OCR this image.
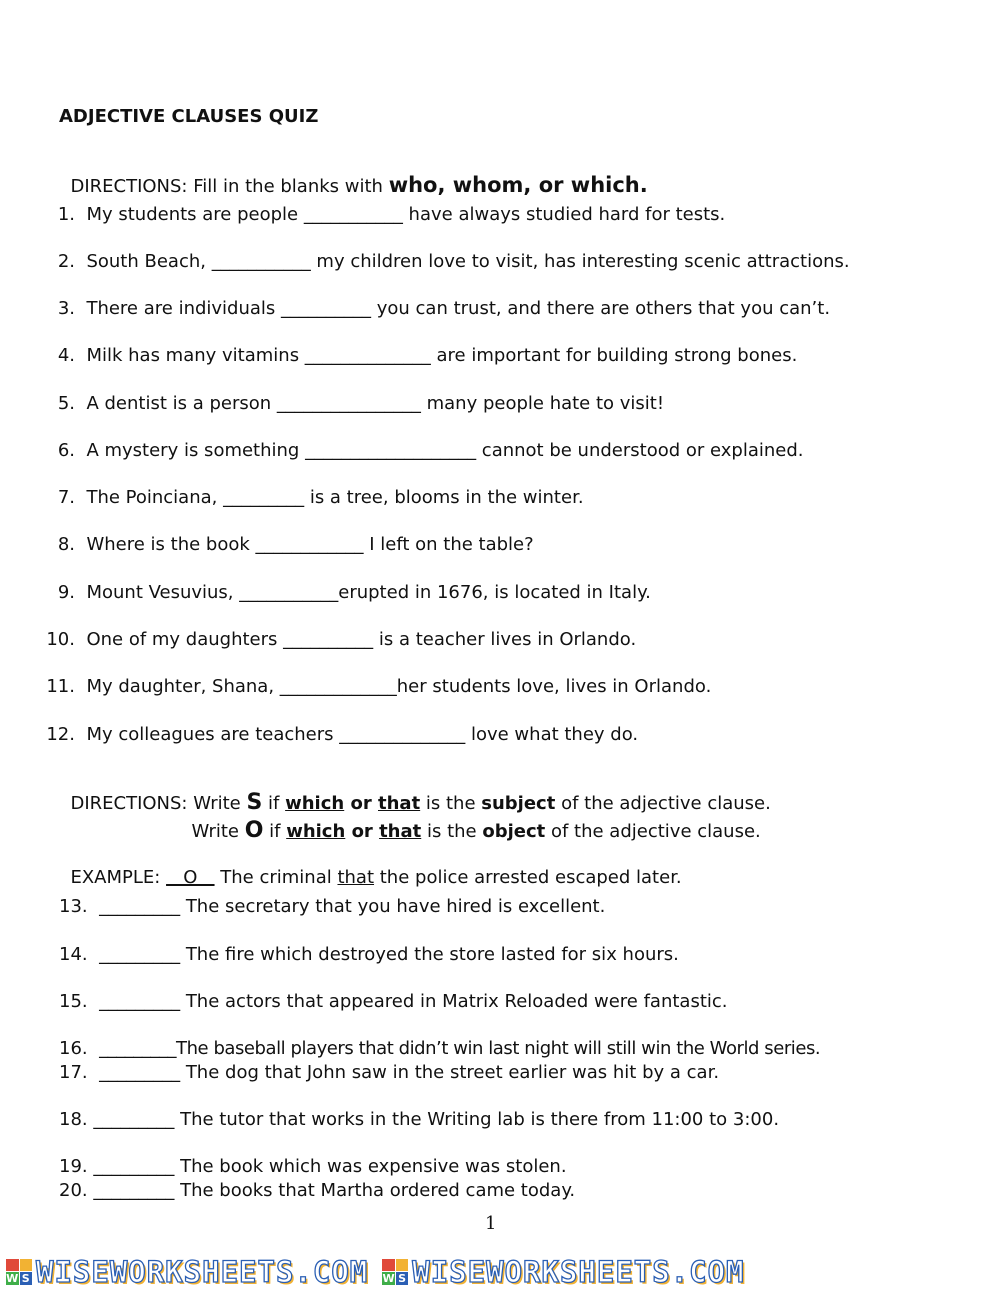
ADJECTIVE CLAUSES QUIZ

DIRECTIONS: Fill in the blanks with who, whom, or which.

1. My students are people ___________ have always studied hard for tests.
2. South Beach, ___________ my children love to visit, has interesting scenic attractions.
3. There are individuals __________ you can trust, and there are others that you can’t.
4. Milk has many vitamins ______________ are important for building strong bones.
5. A dentist is a person ________________ many people hate to visit!
6. A mystery is something ___________________ cannot be understood or explained.
7. The Poinciana, _________ is a tree, blooms in the winter.
8. Where is the book ____________ I left on the table?
9. Mount Vesuvius, ___________erupted in 1676, is located in Italy.
10. One of my daughters __________ is a teacher lives in Orlando.
11. My daughter, Shana, _____________her students love, lives in Orlando.
12. My colleagues are teachers ______________ love what they do.

DIRECTIONS: Write S if which or that is the subject of the adjective clause.

Write O if which or that is the object of the adjective clause.

EXAMPLE:    O    The criminal that the police arrested escaped later.

13. _________ The secretary that you have hired is excellent.
14. _________ The fire which destroyed the store lasted for six hours.
15. _________ The actors that appeared in Matrix Reloaded were fantastic.
16. _________The baseball players that didn’t win last night will still win the World series.
17. _________ The dog that John saw in the street earlier was hit by a car.
18. _________ The tutor that works in the Writing lab is there from 11:00 to 3:00.
19. _________ The book which was expensive was stolen.
20. _________ The books that Martha ordered came today.
1
W S WISEWORKSHEETS.COM W S WISEWORKSHEETS.COM
